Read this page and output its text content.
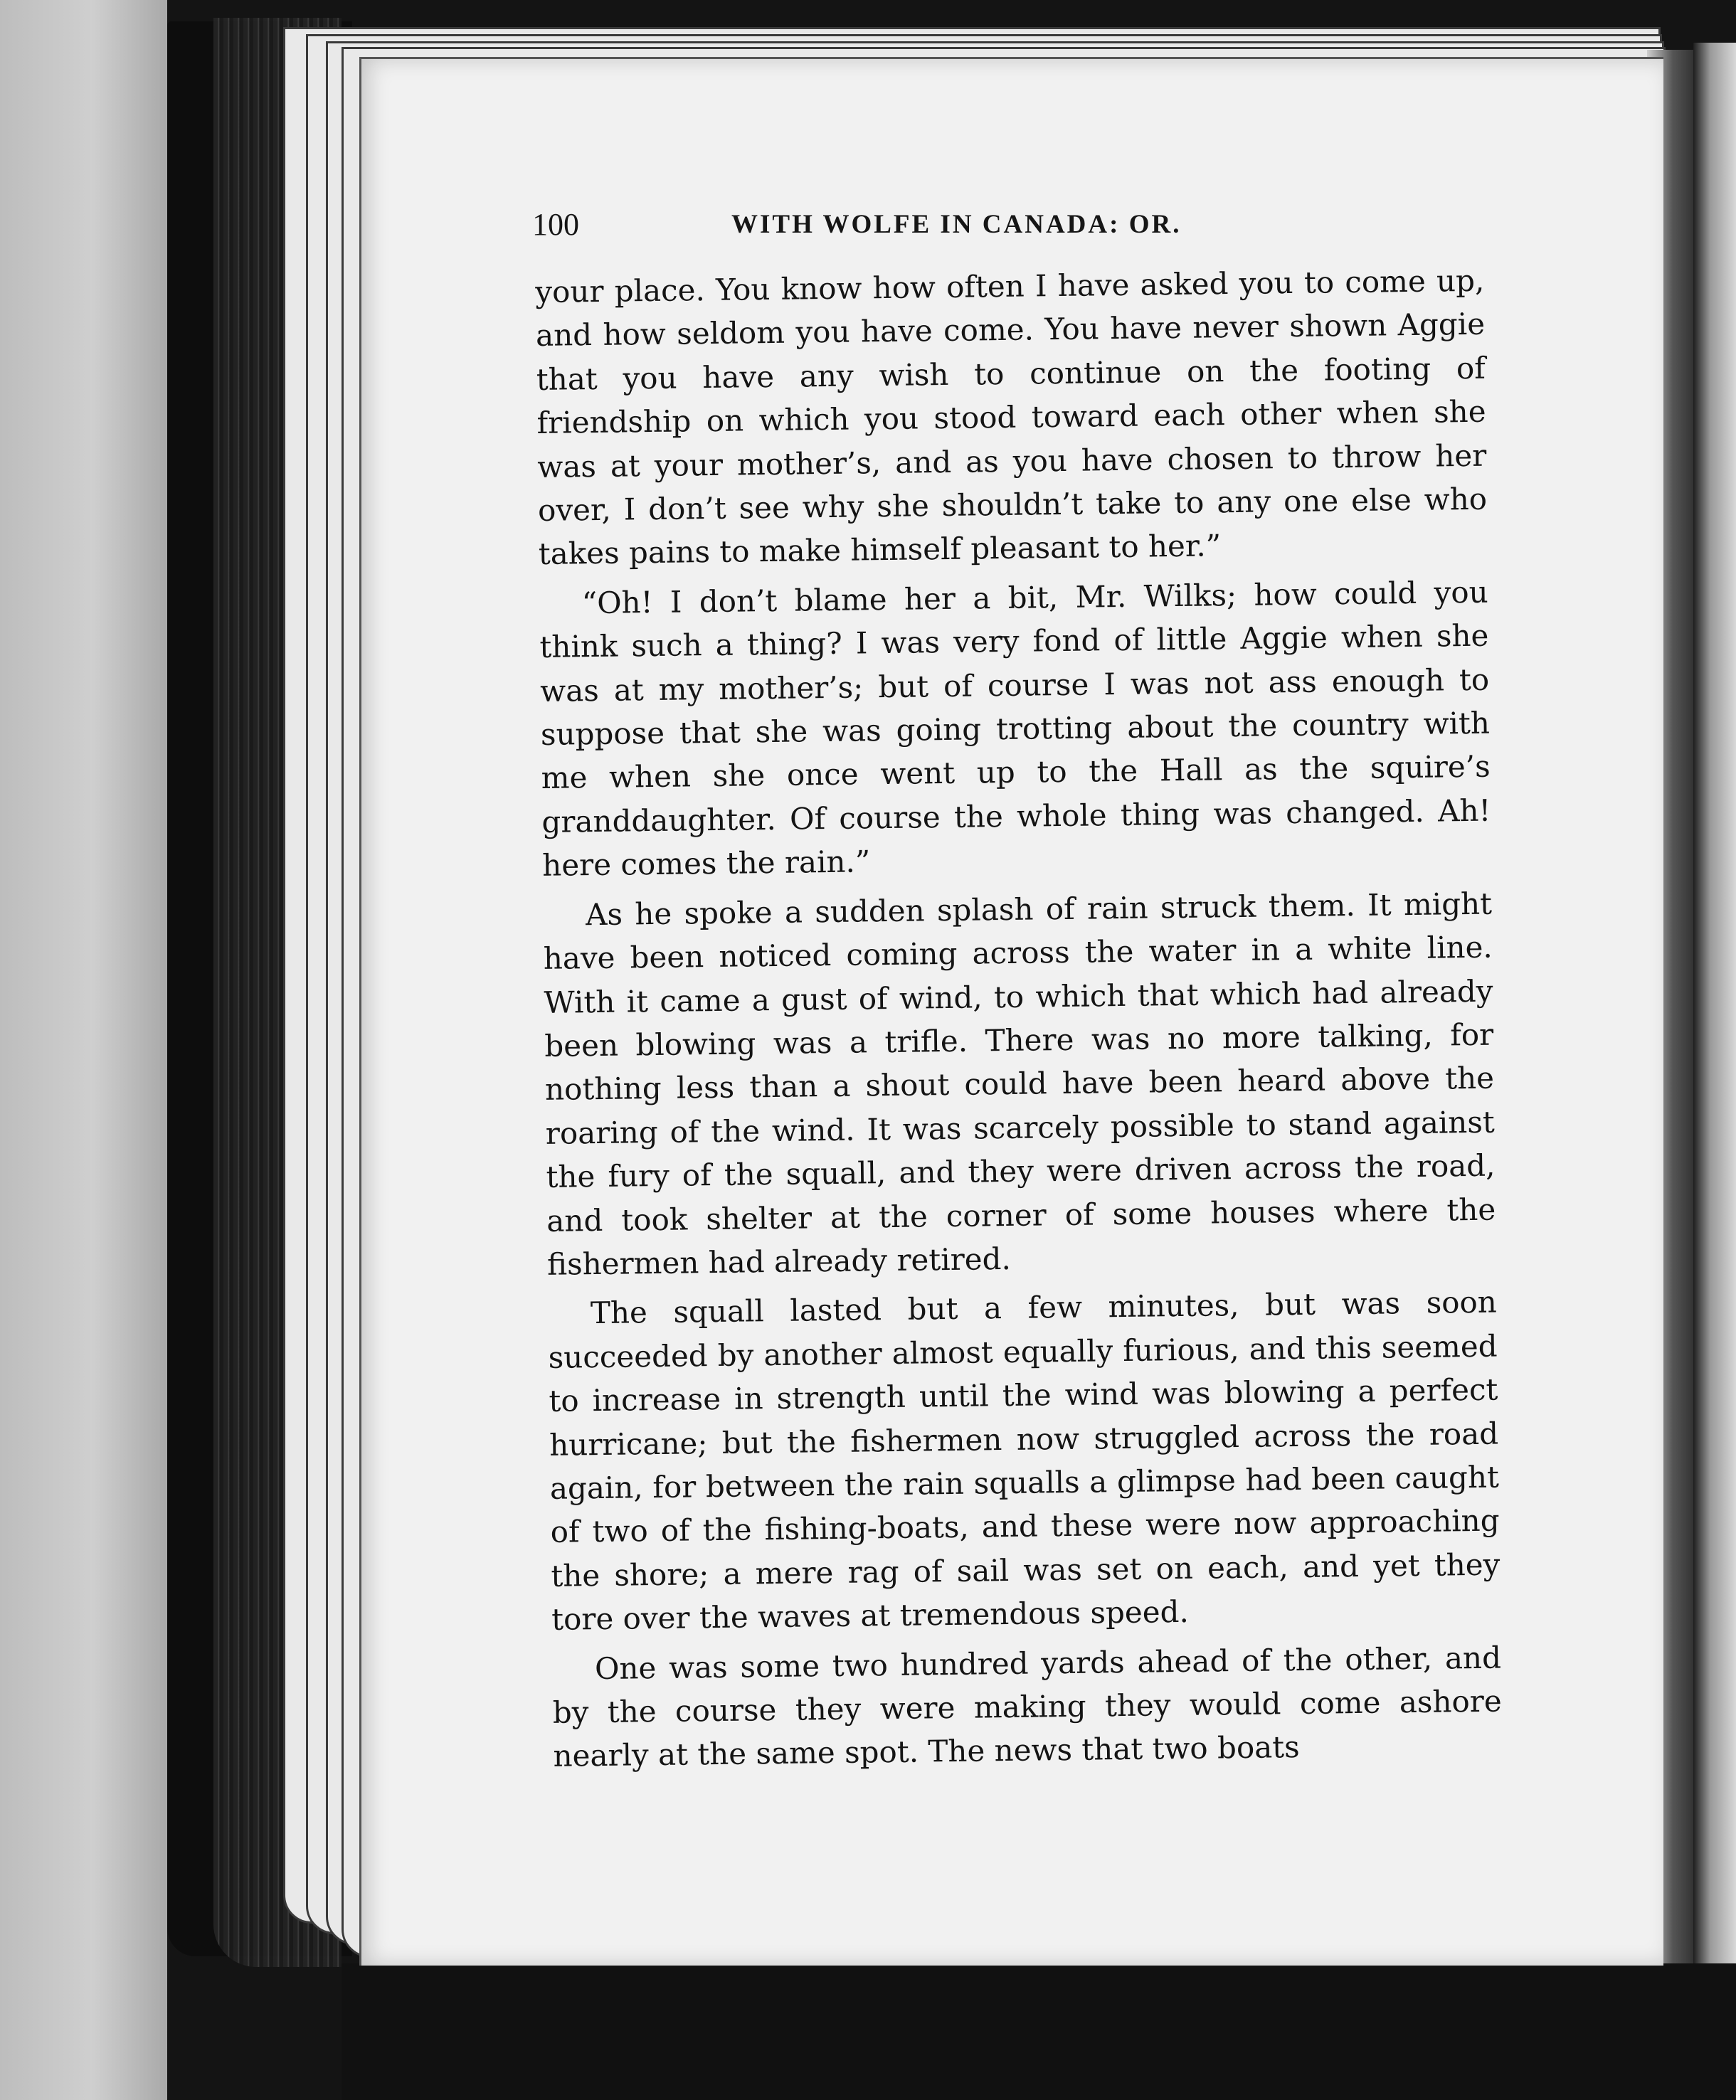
100	WITH WOLFE IN CANADA: OR.

your place. You know how often I have asked you to come up, and how seldom you have come. You have never shown Aggie that you have any wish to continue on the footing of friendship on which you stood toward each other when she was at your mother’s, and as you have chosen to throw her over, I don’t see why she shouldn’t take to any one else who takes pains to make himself pleasant to her.”

“Oh! I don’t blame her a bit, Mr. Wilks; how could you think such a thing? I was very fond of little Aggie when she was at my mother’s; but of course I was not ass enough to suppose that she was going trotting about the country with me when she once went up to the Hall as the squire’s granddaughter. Of course the whole thing was changed. Ah! here comes the rain.”

As he spoke a sudden splash of rain struck them. It might have been noticed coming across the water in a white line. With it came a gust of wind, to which that which had already been blowing was a trifle. There was no more talking, for nothing less than a shout could have been heard above the roaring of the wind. It was scarcely possible to stand against the fury of the squall, and they were driven across the road, and took shelter at the corner of some houses where the fishermen had already retired.

The squall lasted but a few minutes, but was soon succeeded by another almost equally furious, and this seemed to increase in strength until the wind was blowing a perfect hurricane; but the fishermen now struggled across the road again, for between the rain squalls a glimpse had been caught of two of the fishing-boats, and these were now approaching the shore; a mere rag of sail was set on each, and yet they tore over the waves at tremendous speed.

One was some two hundred yards ahead of the other, and by the course they were making they would come ashore nearly at the same spot. The news that two boats
